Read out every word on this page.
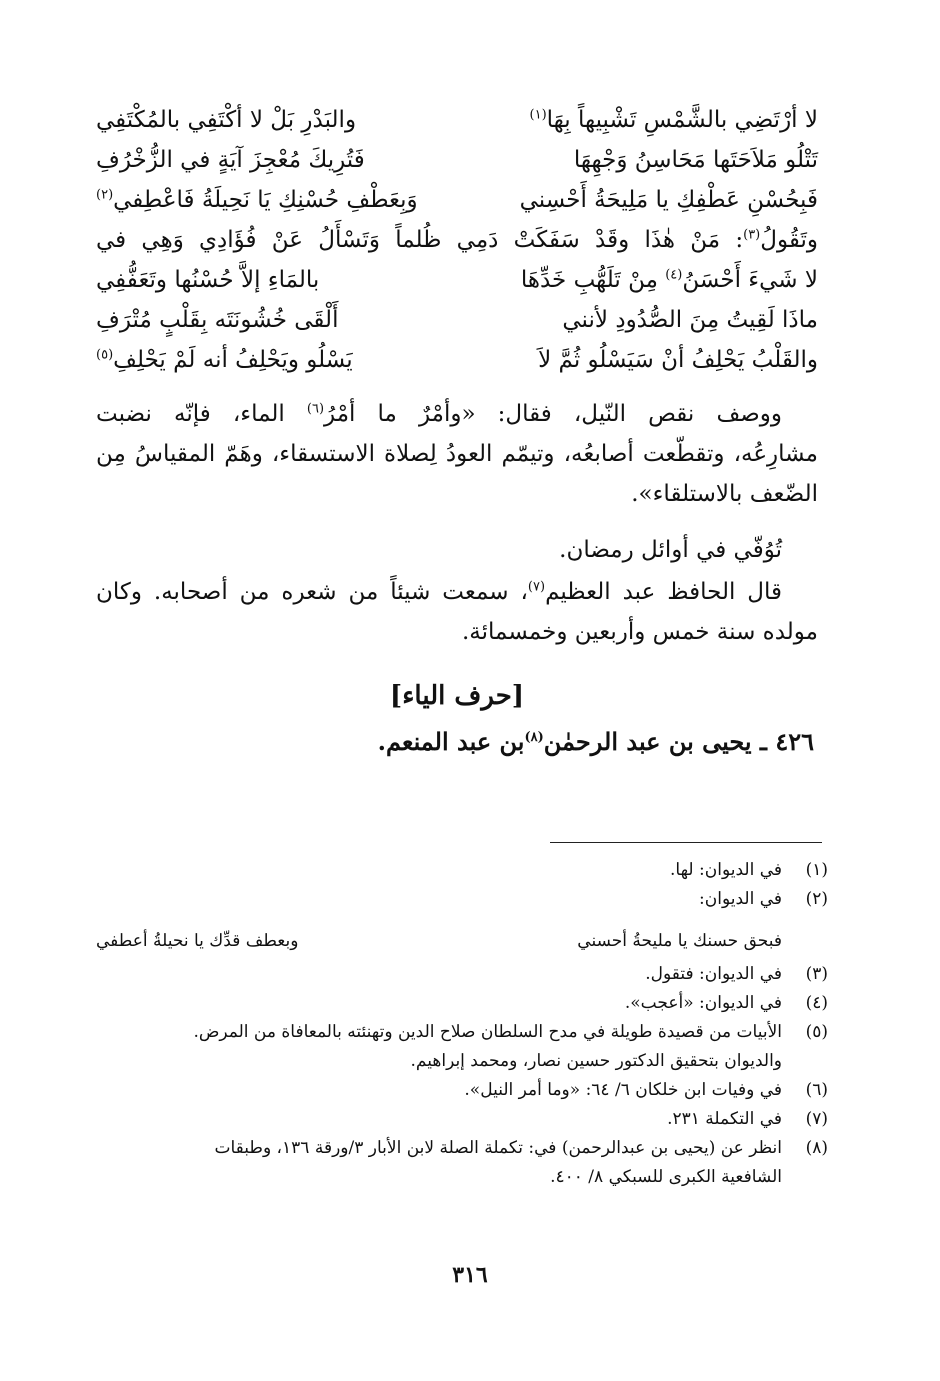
لا أرْتَضِي بالشَّمْسِ تَشْبِيهاً بِهَا$^{(١)}$
والبَدْرِ بَلْ لا أكْتَفِي بالمُكْتَفِي
تَتْلُو مَلاَحَتَها مَحَاسِنُ وَجْهِهَا
فَتُرِيكَ مُعْجِزَ آيَةٍ في الزُّخْرُفِ
فَبِحُسْنِ عَطْفِكِ يا مَلِيحَةُ أَحْسِني
وَبِعَطْفِ حُسْنِكِ يَا نَحِيلَةُ فَاعْطِفي$^{(٢)}$
وتَقُولُ$^{(٣)}$: مَنْ هٰذَا وقَدْ سَفَكَتْ دَمِي ظُلماً وَتَسْأَلُ عَنْ فُؤَادِي وَهِي في
لا شَيءَ أَحْسَنُ$^{(٤)}$ مِنْ تَلَهُّبِ خَدِّهَا
بالمَاءِ إلاَّ حُسْنُها وتَعَفُّفِي
ماذَا لَقِيتُ مِنَ الصُّدُودِ لأنني
أَلْقَى خُشُونَتَه بِقَلْبٍ مُتْرَفِ
والقَلْبُ يَحْلِفُ أنْ سَيَسْلُو ثُمَّ لاَ
يَسْلُو ويَحْلِفُ أنه لَمْ يَحْلِفِ$^{(٥)}$
ووصف نقص النّيل، فقال: «وأمْرٌ ما أمْرُ$^{(٦)}$ الماء، فإنّه نضبت
مشارِعُه، وتقطّعت أصابعُه، وتيمّم العودُ لِصلاة الاستسقاء، وهَمّ المقياسُ مِن
الضّعف بالاستلقاء».

تُوُفّي في أوائل رمضان.

قال الحافظ عبد العظيم$^{(٧)}$، سمعت شيئاً من شعره من أصحابه. وكان
مولده سنة خمس وأربعين وخمسمائة.
[حرف الياء]
٤٢٦ ـ يحيى بن عبد الرحمٰن$^{(٨)}$بن عبد المنعم.
(١)
في الديوان: لها.
(٢)
في الديوان:
فبحق حسنك يا مليحةُ أحسني
وبعطف قدِّك يا نحيلةُ أعطفي
(٣)
في الديوان: فتقول.
(٤)
في الديوان: «أعجب».
(٥)
الأبيات من قصيدة طويلة في مدح السلطان صلاح الدين وتهنئته بالمعافاة من المرض.
والديوان بتحقيق الدكتور حسين نصار، ومحمد إبراهيم.
(٦)
في وفيات ابن خلكان ٦/ ٦٤: «وما أمر النيل».
(٧)
في التكملة ٢٣١.
(٨)
انظر عن (يحيى بن عبدالرحمن) في: تكملة الصلة لابن الأبار ٣/ورقة ١٣٦، وطبقات
الشافعية الكبرى للسبكي ٨/ ٤٠٠.
٣١٦
